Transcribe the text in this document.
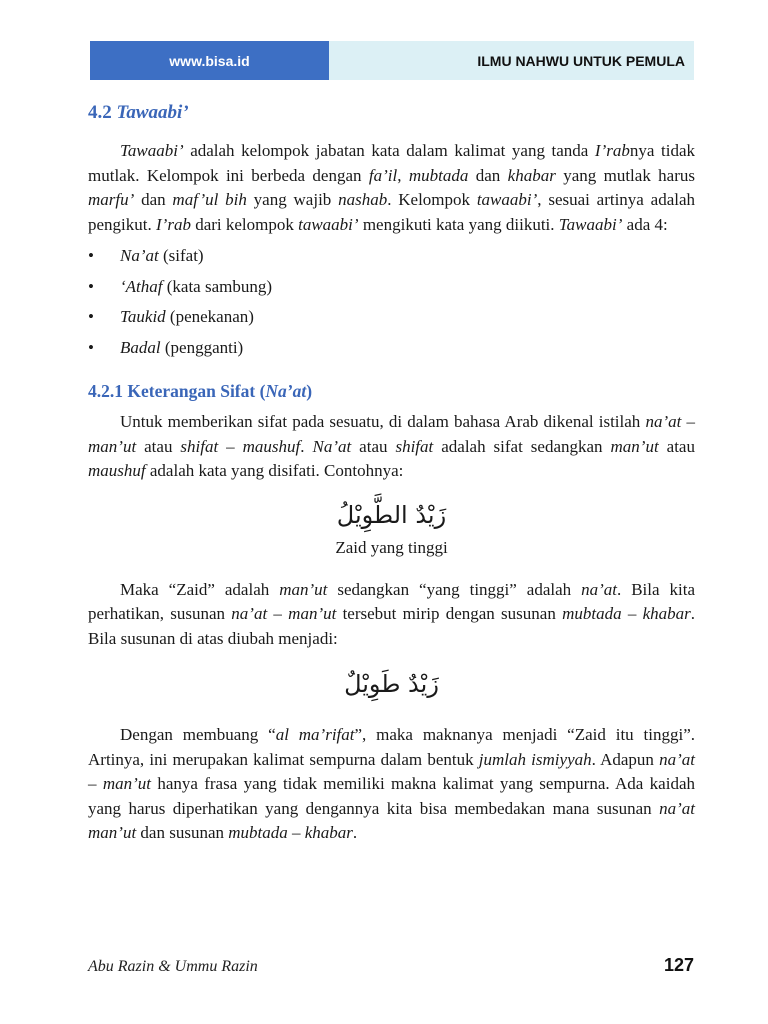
www.bisa.id	ILMU NAHWU UNTUK PEMULA
4.2 Tawaabi’

Tawaabi’ adalah kelompok jabatan kata dalam kalimat yang tanda I’rabnya tidak mutlak. Kelompok ini berbeda dengan fa’il, mubtada dan khabar yang mutlak harus marfu’ dan maf’ul bih yang wajib nashab. Kelompok tawaabi’, sesuai artinya adalah pengikut. I’rab dari kelompok tawaabi’ mengikuti kata yang diikuti. Tawaabi’ ada 4:

• Na’at (sifat)
• ‘Athaf (kata sambung)
• Taukid (penekanan)
• Badal (pengganti)
4.2.1 Keterangan Sifat (Na’at)

Untuk memberikan sifat pada sesuatu, di dalam bahasa Arab dikenal istilah na’at – man’ut atau shifat – maushuf. Na’at atau shifat adalah sifat sedangkan man’ut atau maushuf adalah kata yang disifati. Contohnya:

زَيْدٌ الطَّوِيْلُ
Zaid yang tinggi

Maka “Zaid” adalah man’ut sedangkan “yang tinggi” adalah na’at. Bila kita perhatikan, susunan na’at – man’ut tersebut mirip dengan susunan mubtada – khabar. Bila susunan di atas diubah menjadi:

زَيْدٌ طَوِيْلٌ

Dengan membuang “al ma’rifat”, maka maknanya menjadi “Zaid itu tinggi”. Artinya, ini merupakan kalimat sempurna dalam bentuk jumlah ismiyyah. Adapun na’at – man’ut hanya frasa yang tidak memiliki makna kalimat yang sempurna. Ada kaidah yang harus diperhatikan yang dengannya kita bisa membedakan mana susunan na’at man’ut dan susunan mubtada – khabar.

Abu Razin & Ummu Razin	127
